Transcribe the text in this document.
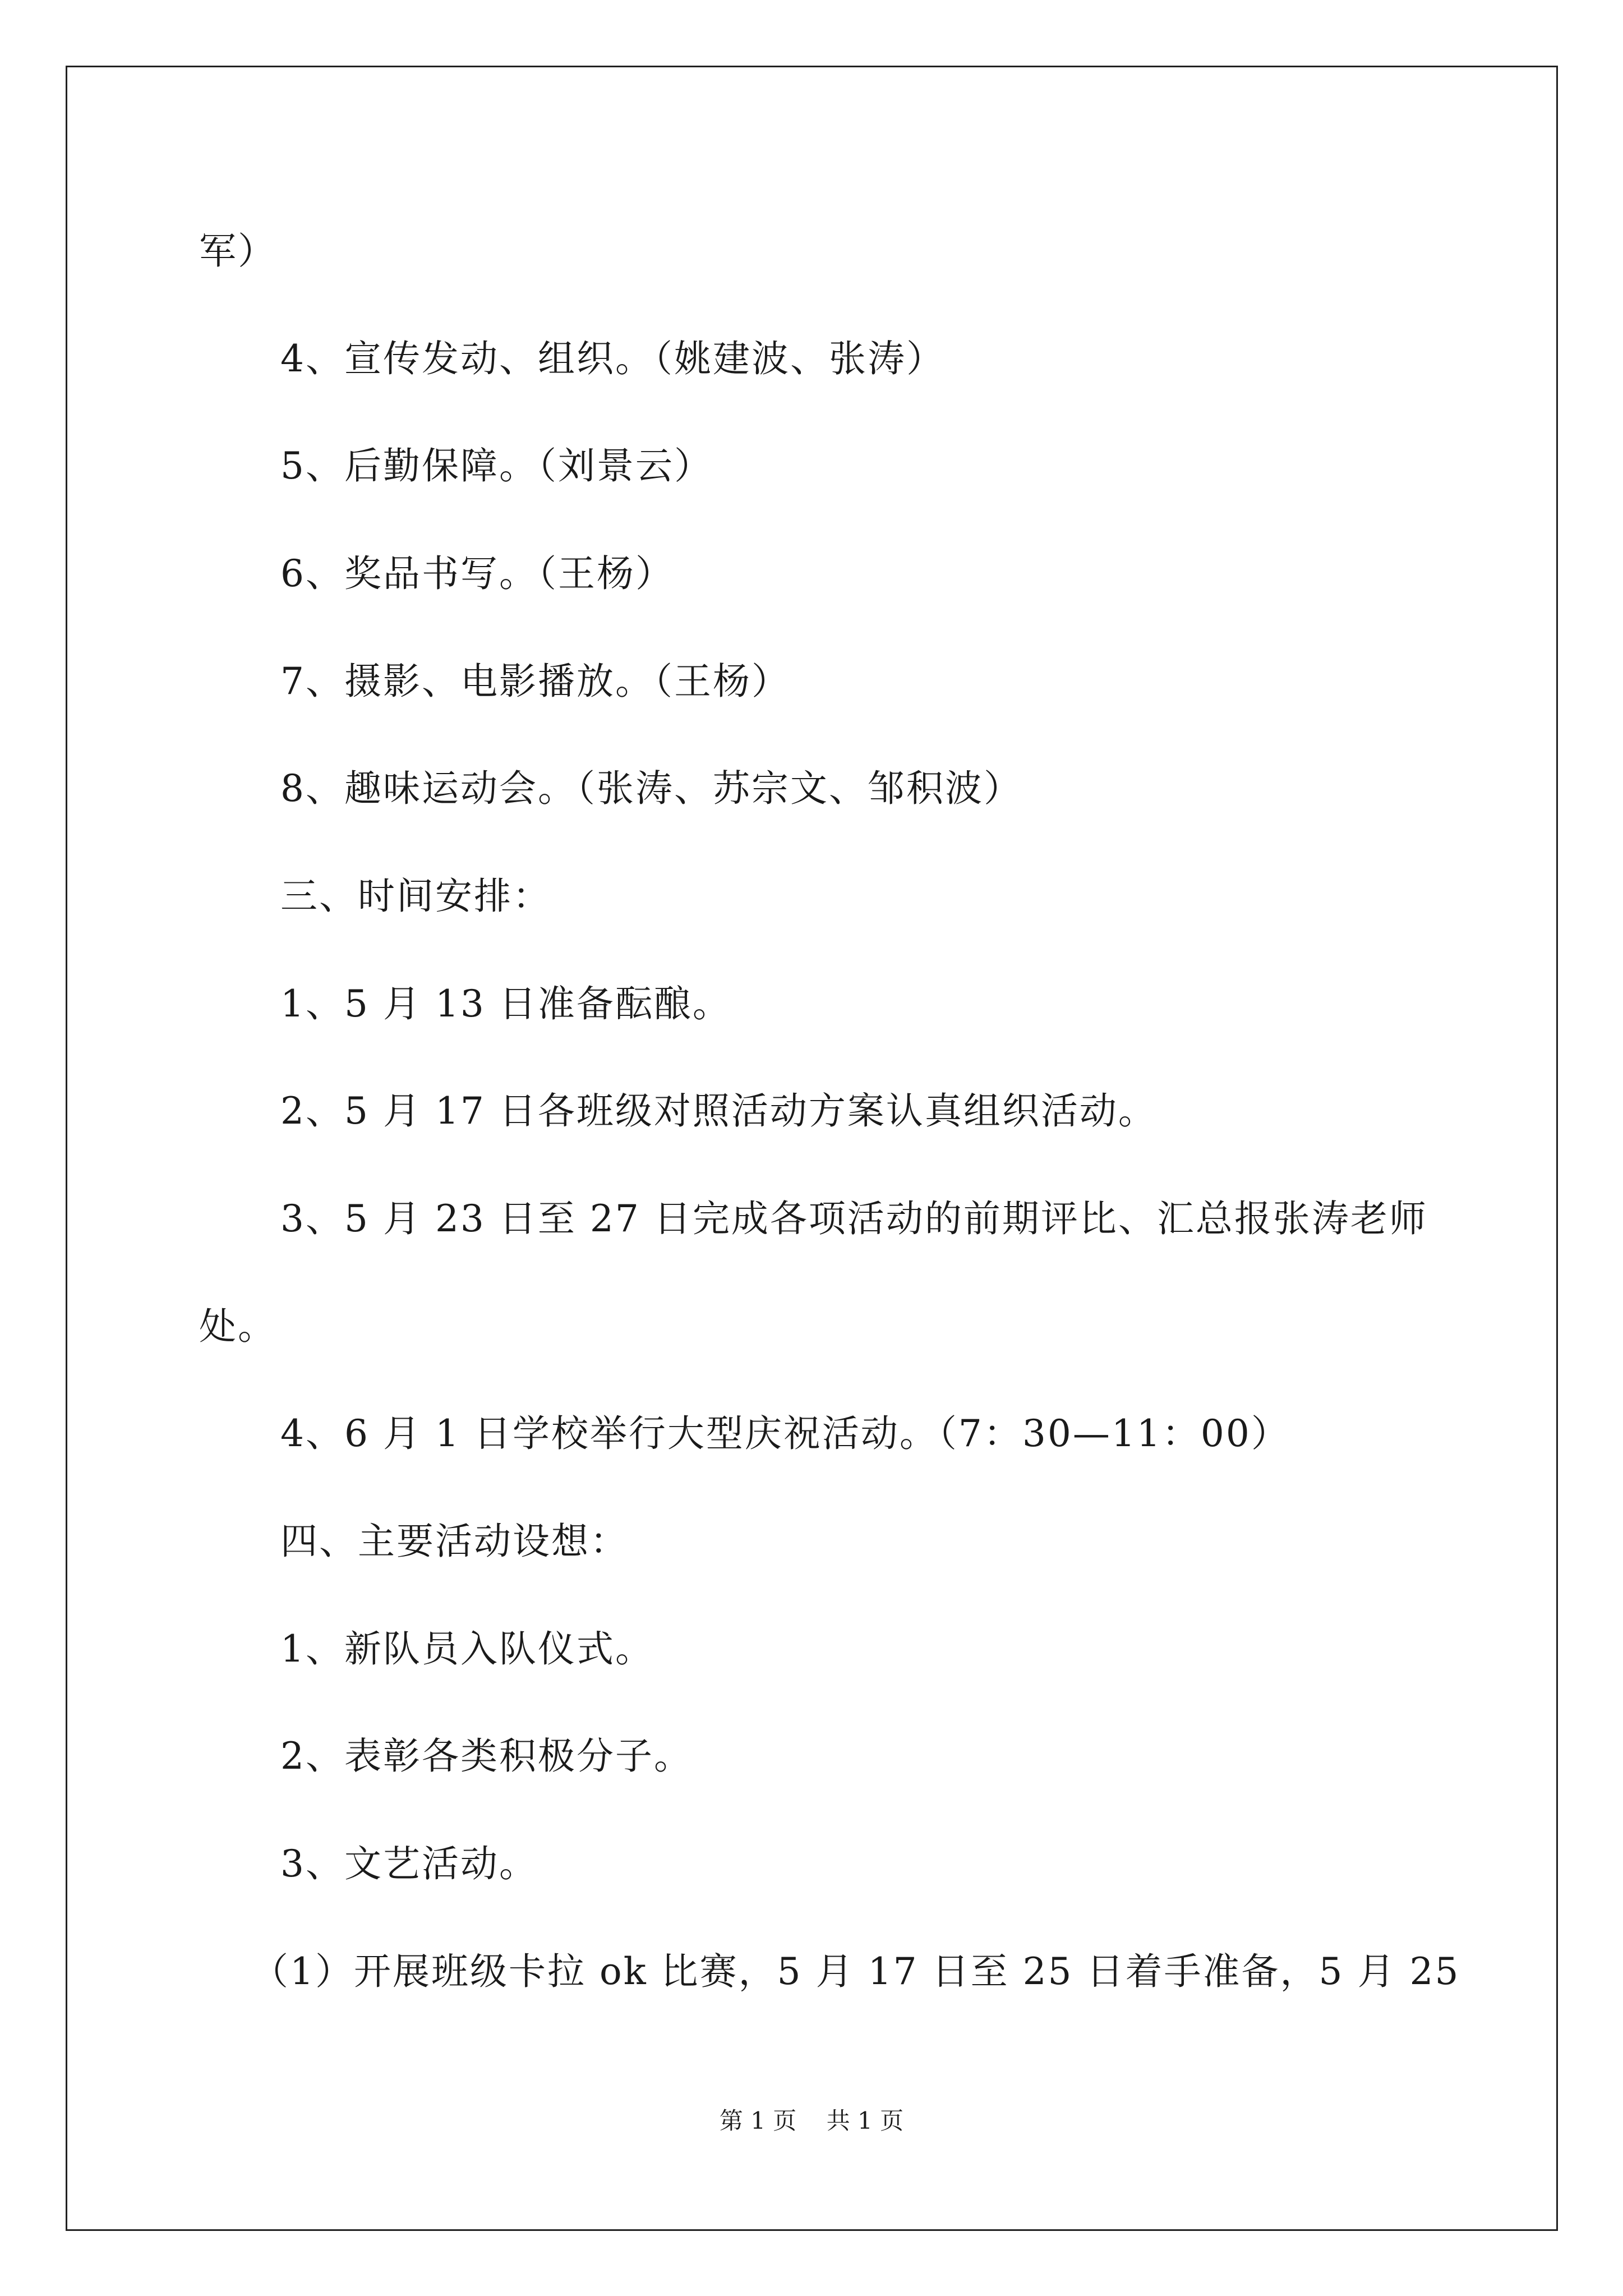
军）
4、宣传发动、组织。（姚建波、张涛）
5、后勤保障。（刘景云）
6、奖品书写。（王杨）
7、摄影、电影播放。（王杨）
8、趣味运动会。（张涛、苏宗文、邹积波）
三、时间安排：
1、5 月 13 日准备酝酿。
2、5 月 17 日各班级对照活动方案认真组织活动。
3、5 月 23 日至 27 日完成各项活动的前期评比、汇总报张涛老师
处。
4、6 月 1 日学校举行大型庆祝活动。（7：30—11：00）
四、主要活动设想：
1、新队员入队仪式。
2、表彰各类积极分子。
3、文艺活动。
（1）开展班级卡拉 ok 比赛，5 月 17 日至 25 日着手准备，5 月 25
第 1 页    共 1 页
